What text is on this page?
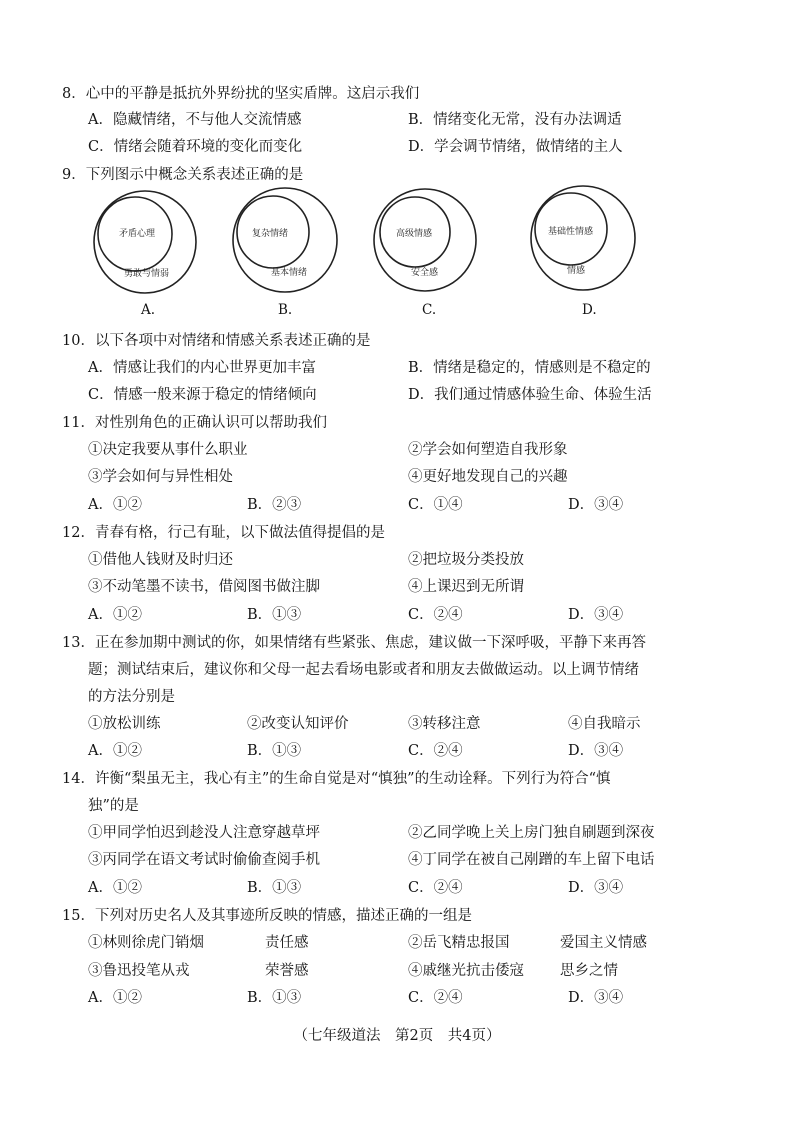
8．心中的平静是抵抗外界纷扰的坚实盾牌。这启示我们
A．隐藏情绪，不与他人交流情感	B．情绪变化无常，没有办法调适
C．情绪会随着环境的变化而变化	D．学会调节情绪，做情绪的主人
9．下列图示中概念关系表述正确的是
矛盾心理
勇敢与情弱
复杂情绪
基本情绪
高级情感
安全感
基础性情感
情感
A.	B.	C.	D.
10．以下各项中对情绪和情感关系表述正确的是
A．情感让我们的内心世界更加丰富	B．情绪是稳定的，情感则是不稳定的
C．情感一般来源于稳定的情绪倾向	D．我们通过情感体验生命、体验生活
11．对性别角色的正确认识可以帮助我们
①决定我要从事什么职业	②学会如何塑造自我形象
③学会如何与异性相处	④更好地发现自己的兴趣
A．①②	B．②③	C．①④	D．③④
12．青春有格，行己有耻，以下做法值得提倡的是
①借他人钱财及时归还	②把垃圾分类投放
③不动笔墨不读书，借阅图书做注脚	④上课迟到无所谓
A．①②	B．①③	C．②④	D．③④
13．正在参加期中测试的你，如果情绪有些紧张、焦虑，建议做一下深呼吸，平静下来再答
题；测试结束后，建议你和父母一起去看场电影或者和朋友去做做运动。以上调节情绪
的方法分别是
①放松训练	②改变认知评价	③转移注意	④自我暗示
A．①②	B．①③	C．②④	D．③④
14．许衡“梨虽无主，我心有主”的生命自觉是对“慎独”的生动诠释。下列行为符合“慎
独”的是
①甲同学怕迟到趁没人注意穿越草坪	②乙同学晚上关上房门独自刷题到深夜
③丙同学在语文考试时偷偷查阅手机	④丁同学在被自己剐蹭的车上留下电话
A．①②	B．①③	C．②④	D．③④
15．下列对历史名人及其事迹所反映的情感，描述正确的一组是
①林则徐虎门销烟	责任感	②岳飞精忠报国	爱国主义情感
③鲁迅投笔从戎	荣誉感	④戚继光抗击倭寇 思乡之情
A．①②	B．①③	C．②④	D．③④
（七年级道法　第2页　共4页）
